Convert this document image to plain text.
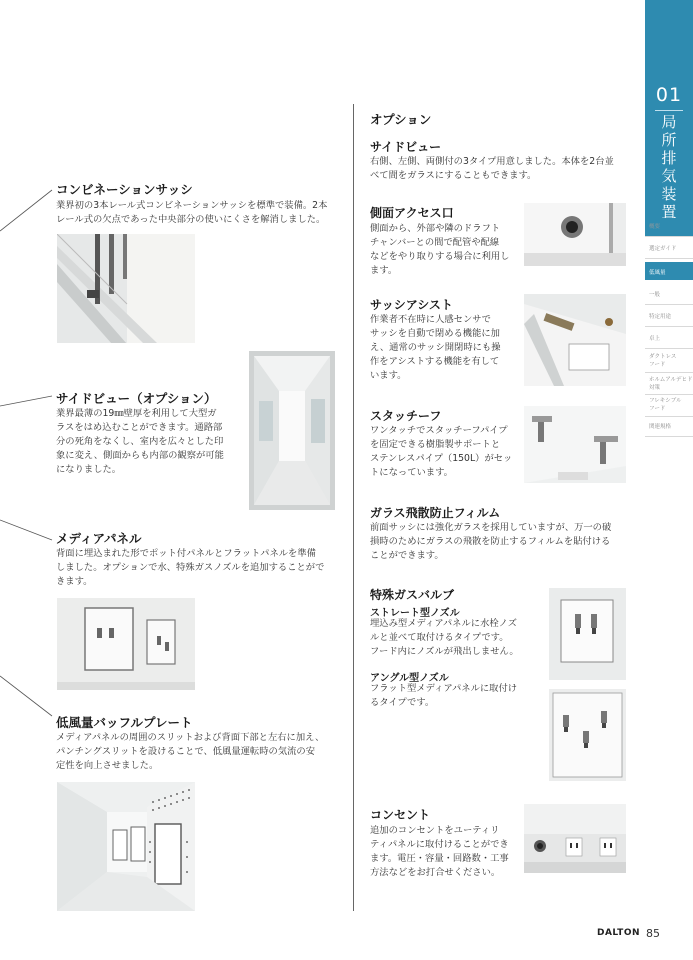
コンビネーションサッシ
業界初の3本レール式コンビネーションサッシを標準で装備。2本
レール式の欠点であった中央部分の使いにくさを解消しました。
サイドビュー（オプション）
業界最薄の19㎜壁厚を利用して大型ガ
ラスをはめ込むことができます。通路部
分の死角をなくし、室内を広々とした印
象に変え、側面からも内部の観察が可能
になりました。
メディアパネル
背面に埋込まれた形でポット付パネルとフラットパネルを準備
しました。オプションで水、特殊ガスノズルを追加することがで
きます。
低風量バッフルプレート
メディアパネルの周囲のスリットおよび背面下部と左右に加え、
パンチングスリットを設けることで、低風量運転時の気流の安
定性を向上させました。
オプション
サイドビュー
右側、左側、両側付の3タイプ用意しました。本体を2台並
べて間をガラスにすることもできます。
側面アクセス口
側面から、外部や隣のドラフト
チャンバーとの間で配管や配線
などをやり取りする場合に利用し
ます。
サッシアシスト
作業者不在時に人感センサで
サッシを自動で閉める機能に加
え、通常のサッシ開閉時にも操
作をアシストする機能を有して
います。
スタッチーフ
ワンタッチでスタッチーフパイプ
を固定できる樹脂製サポートと
ステンレスパイプ（150L）がセッ
トになっています。
ガラス飛散防止フィルム
前面サッシには強化ガラスを採用していますが、万一の破
損時のためにガラスの飛散を防止するフィルムを貼付ける
ことができます。
特殊ガスバルブ
ストレート型ノズル
埋込み型メディアパネルに水栓ノズ
ルと並べて取付けるタイプです。
フード内にノズルが飛出しません。
アングル型ノズル
フラット型メディアパネルに取付け
るタイプです。
コンセント
追加のコンセントをユーティリ
ティパネルに取付けることができ
ます。電圧・容量・回路数・工事
方法などをお打合せください。
01
局
所
排
気
装
置
概要
選定ガイド
低風量
一般
特定用途
卓上
ダクトレス
フード
ホルムアルデヒド
対策
フレキシブル
フード
関連規格
DALTON 85
